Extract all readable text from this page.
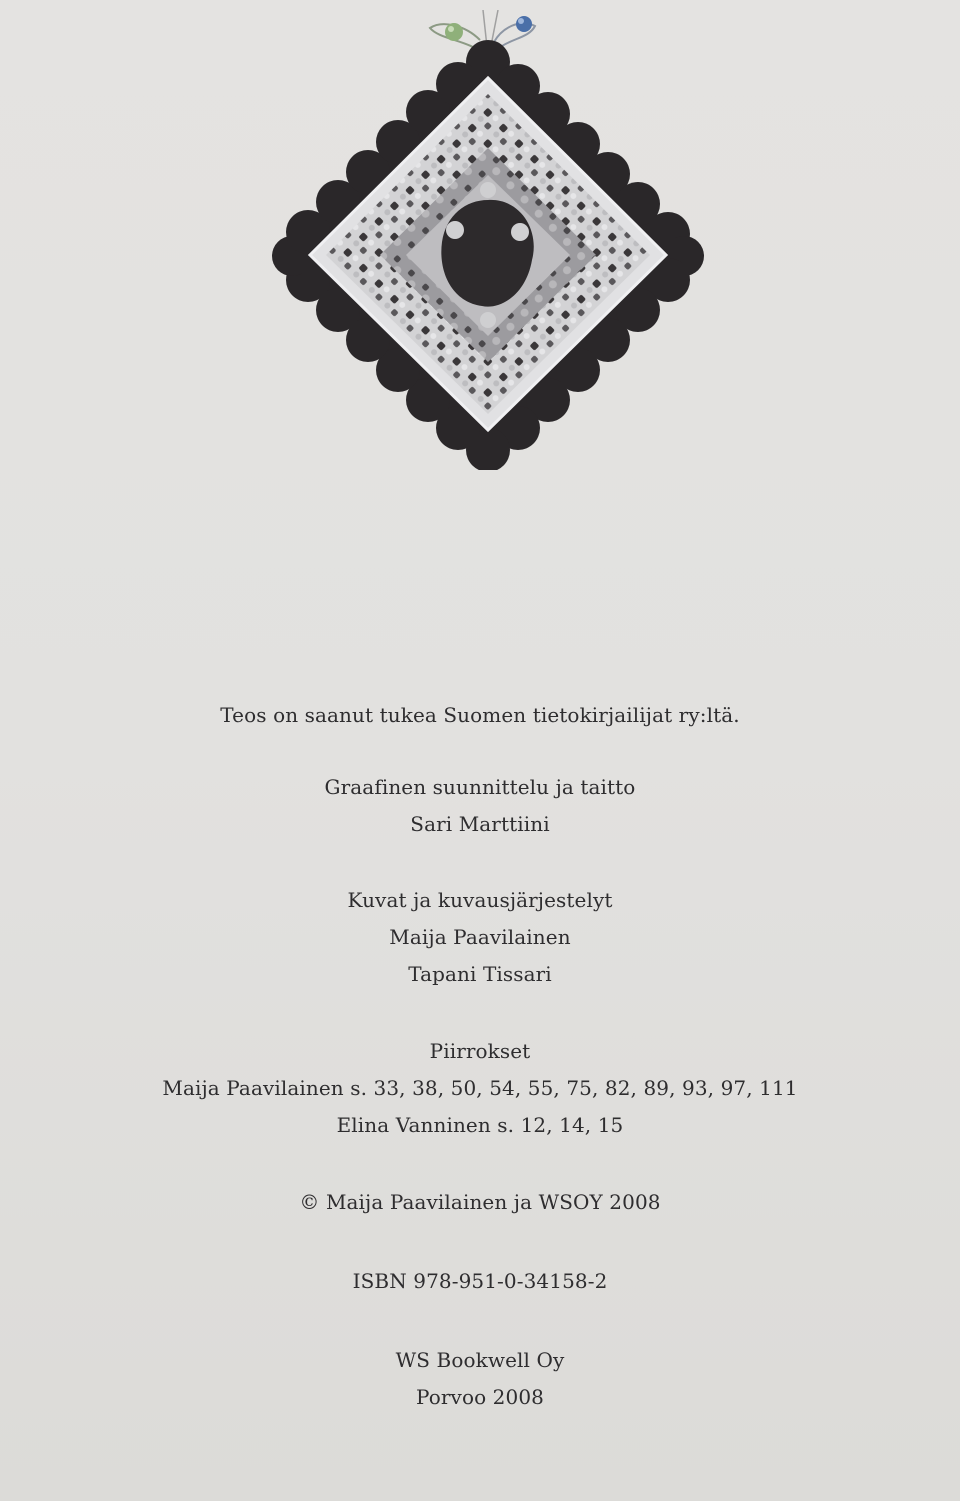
Teos on saanut tukea Suomen tietokirjailijat ry:ltä.
Graafinen suunnittelu ja taitto
Sari Marttiini
Kuvat ja kuvausjärjestelyt
Maija Paavilainen
Tapani Tissari
Piirrokset
Maija Paavilainen s. 33, 38, 50, 54, 55, 75, 82, 89, 93, 97, 111
Elina Vanninen s. 12, 14, 15
© Maija Paavilainen ja WSOY 2008
ISBN 978-951-0-34158-2
WS Bookwell Oy
Porvoo 2008
